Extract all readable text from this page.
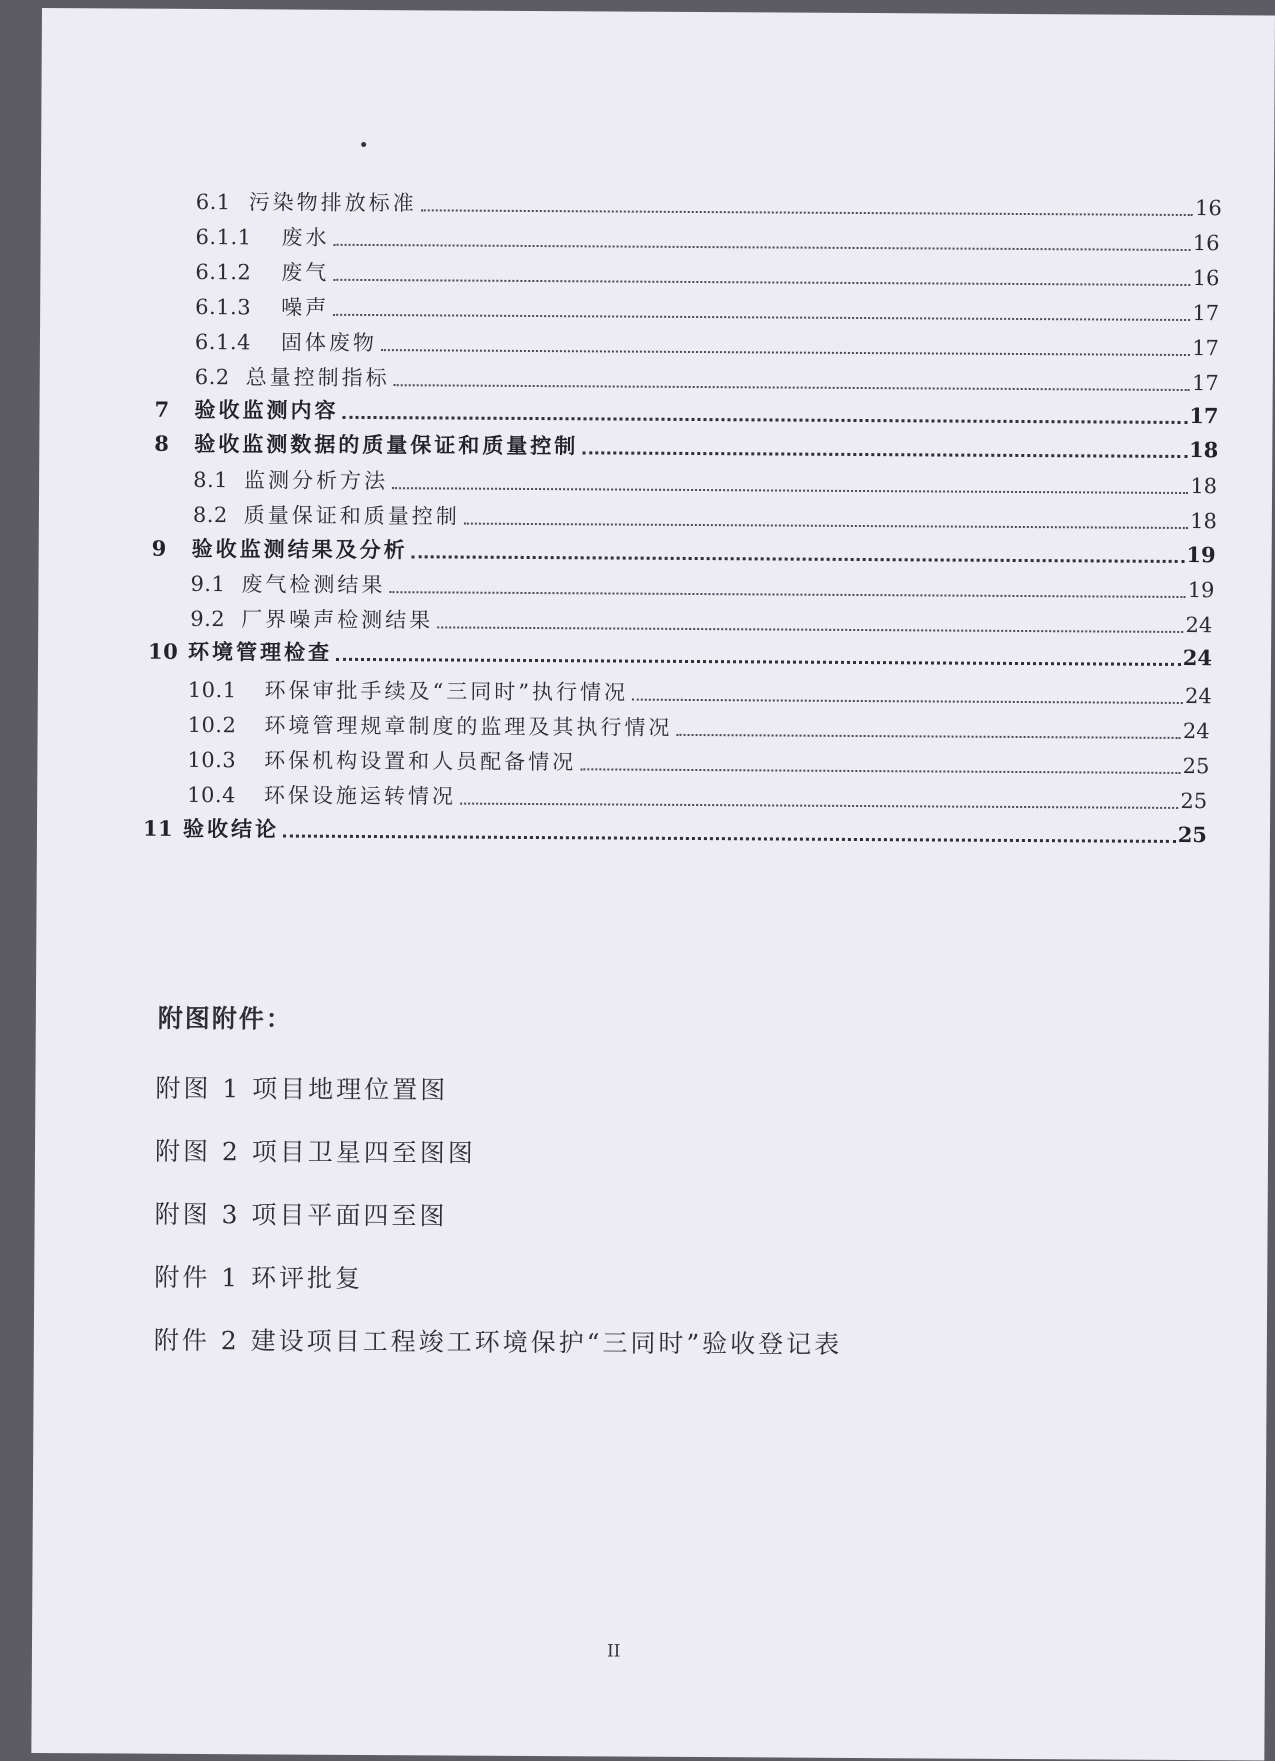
6.1 污染物排放标准	16
6.1.1 废水	16
6.1.2 废气	16
6.1.3 噪声	17
6.1.4 固体废物	17
6.2 总量控制指标	17
7	验收监测内容	17
8	验收监测数据的质量保证和质量控制	18
8.1 监测分析方法	18
8.2 质量保证和质量控制	18
9	验收监测结果及分析	19
9.1 废气检测结果	19
9.2 厂界噪声检测结果	24
10 环境管理检查	24
10.1 环保审批手续及“三同时”执行情况	24
10.2 环境管理规章制度的监理及其执行情况	24
10.3 环保机构设置和人员配备情况	25
10.4 环保设施运转情况	25
11 验收结论	25
附图附件：
附图 1 项目地理位置图
附图 2 项目卫星四至图图
附图 3 项目平面四至图
附件 1 环评批复
附件 2 建设项目工程竣工环境保护“三同时”验收登记表
II
